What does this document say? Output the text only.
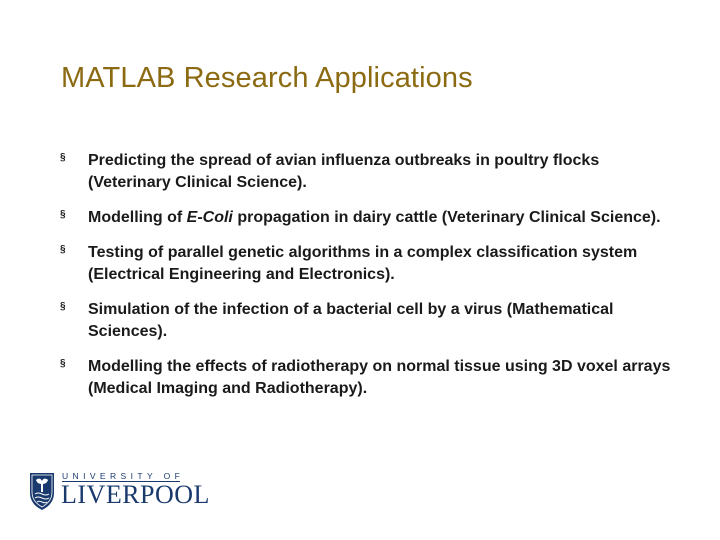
MATLAB Research Applications
§ Predicting the spread of avian influenza outbreaks in poultry flocks (Veterinary Clinical Science).
§ Modelling of E-Coli propagation in dairy cattle (Veterinary Clinical Science).
§ Testing of parallel genetic algorithms in a complex classification system (Electrical Engineering and Electronics).
§ Simulation of the infection of a bacterial cell by a virus (Mathematical Sciences).
§ Modelling the effects of radiotherapy on normal tissue using 3D voxel arrays (Medical Imaging and Radiotherapy).
UNIVERSITY OF
LIVERPOOL
